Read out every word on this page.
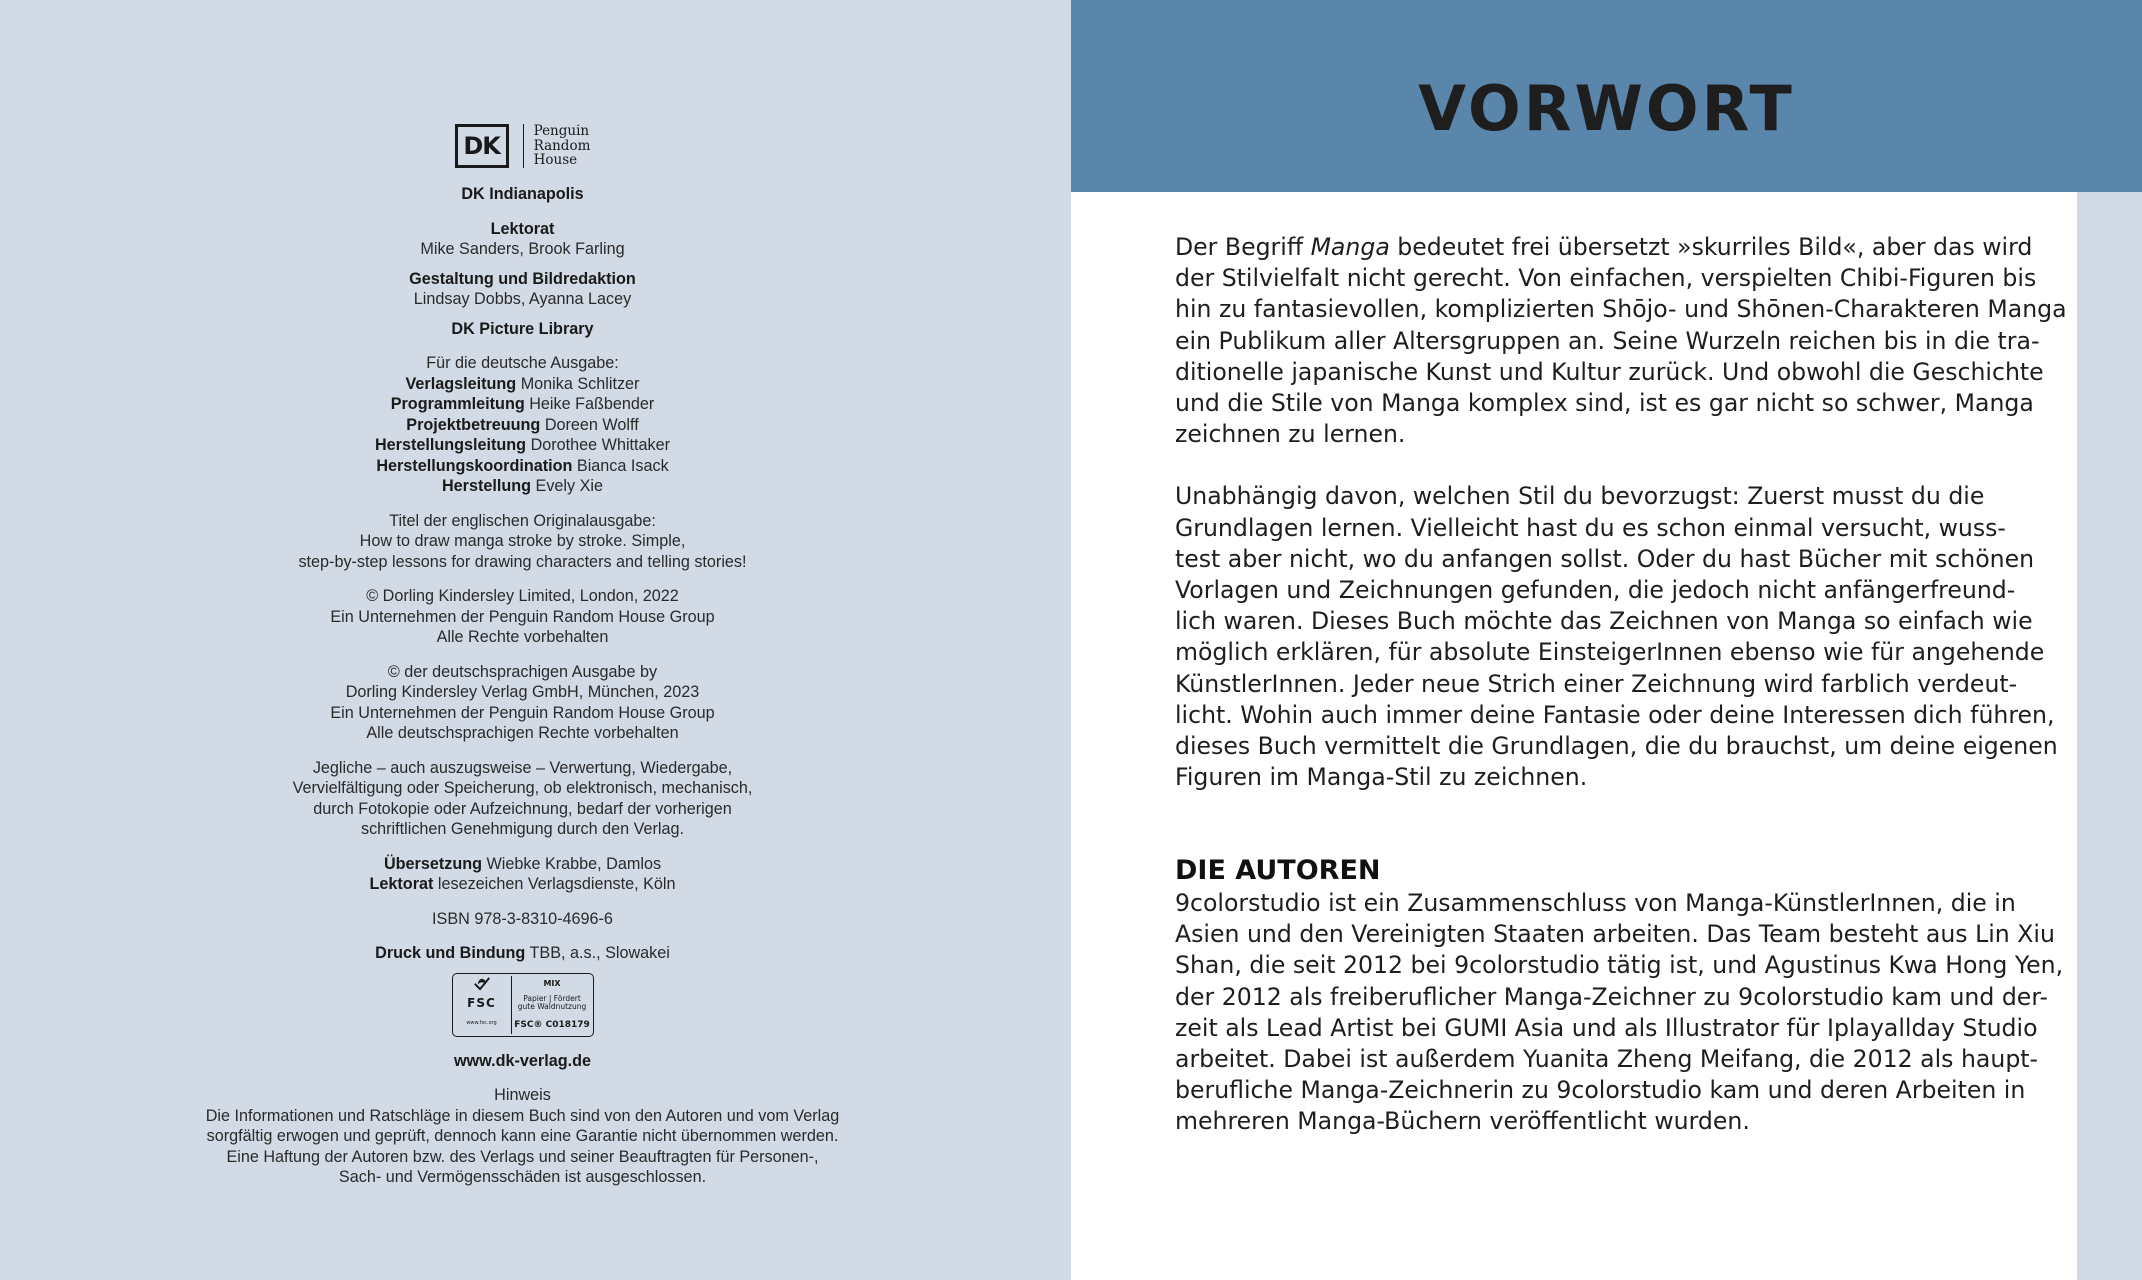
DK
Penguin
Random
House
DK Indianapolis
Lektorat
Mike Sanders, Brook Farling
Gestaltung und Bildredaktion
Lindsay Dobbs, Ayanna Lacey
DK Picture Library
Für die deutsche Ausgabe:
Verlagsleitung Monika Schlitzer
Programmleitung Heike Faßbender
Projektbetreuung Doreen Wolff
Herstellungsleitung Dorothee Whittaker
Herstellungskoordination Bianca Isack
Herstellung Evely Xie
Titel der englischen Originalausgabe:
How to draw manga stroke by stroke. Simple,
step-by-step lessons for drawing characters and telling stories!
© Dorling Kindersley Limited, London, 2022
Ein Unternehmen der Penguin Random House Group
Alle Rechte vorbehalten
© der deutschsprachigen Ausgabe by
Dorling Kindersley Verlag GmbH, München, 2023
Ein Unternehmen der Penguin Random House Group
Alle deutschsprachigen Rechte vorbehalten
Jegliche – auch auszugsweise – Verwertung, Wiedergabe,
Vervielfältigung oder Speicherung, ob elektronisch, mechanisch,
durch Fotokopie oder Aufzeichnung, bedarf der vorherigen
schriftlichen Genehmigung durch den Verlag.
Übersetzung Wiebke Krabbe, Damlos
Lektorat lesezeichen Verlagsdienste, Köln
ISBN 978-3-8310-4696-6
Druck und Bindung TBB, a.s., Slowakei
FSC
www.fsc.org
MIX
Papier | Fördert
gute Waldnutzung
FSC® C018179
www.dk-verlag.de
Hinweis
Die Informationen und Ratschläge in diesem Buch sind von den Autoren und vom Verlag
sorgfältig erwogen und geprüft, dennoch kann eine Garantie nicht übernommen werden.
Eine Haftung der Autoren bzw. des Verlags und seiner Beauftragten für Personen-,
Sach- und Vermögensschäden ist ausgeschlossen.
VORWORT

Der Begriff Manga bedeutet frei übersetzt »skurriles Bild«, aber das wird
der Stilvielfalt nicht gerecht. Von einfachen, verspielten Chibi-Figuren bis
hin zu fantasievollen, komplizierten Shōjo- und Shōnen-Charakteren Manga
ein Publikum aller Altersgruppen an. Seine Wurzeln reichen bis in die tra-
ditionelle japanische Kunst und Kultur zurück. Und obwohl die Geschichte
und die Stile von Manga komplex sind, ist es gar nicht so schwer, Manga
zeichnen zu lernen.

Unabhängig davon, welchen Stil du bevorzugst: Zuerst musst du die
Grundlagen lernen. Vielleicht hast du es schon einmal versucht, wuss-
test aber nicht, wo du anfangen sollst. Oder du hast Bücher mit schönen
Vorlagen und Zeichnungen gefunden, die jedoch nicht anfängerfreund-
lich waren. Dieses Buch möchte das Zeichnen von Manga so einfach wie
möglich erklären, für absolute EinsteigerInnen ebenso wie für angehende
KünstlerInnen. Jeder neue Strich einer Zeichnung wird farblich verdeut-
licht. Wohin auch immer deine Fantasie oder deine Interessen dich führen,
dieses Buch vermittelt die Grundlagen, die du brauchst, um deine eigenen
Figuren im Manga-Stil zu zeichnen.

DIE AUTOREN

9colorstudio ist ein Zusammenschluss von Manga-KünstlerInnen, die in
Asien und den Vereinigten Staaten arbeiten. Das Team besteht aus Lin Xiu
Shan, die seit 2012 bei 9colorstudio tätig ist, und Agustinus Kwa Hong Yen,
der 2012 als freiberuflicher Manga-Zeichner zu 9colorstudio kam und der-
zeit als Lead Artist bei GUMI Asia und als Illustrator für Iplayallday Studio
arbeitet. Dabei ist außerdem Yuanita Zheng Meifang, die 2012 als haupt-
berufliche Manga-Zeichnerin zu 9colorstudio kam und deren Arbeiten in
mehreren Manga-Büchern veröffentlicht wurden.
